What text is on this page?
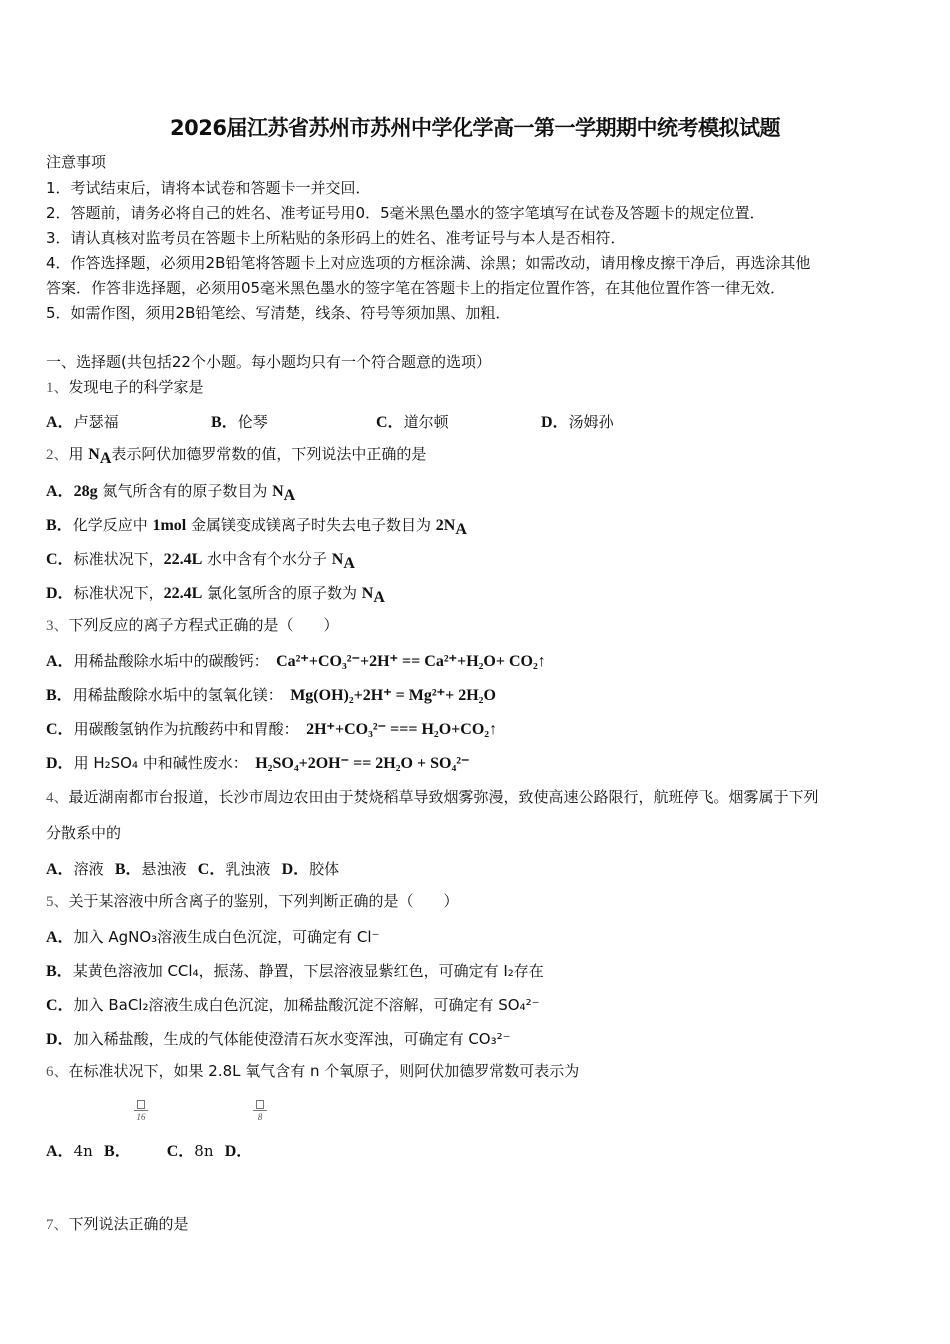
2026届江苏省苏州市苏州中学化学高一第一学期期中统考模拟试题
注意事项
1．考试结束后，请将本试卷和答题卡一并交回．
2．答题前，请务必将自己的姓名、准考证号用0．5毫米黑色墨水的签字笔填写在试卷及答题卡的规定位置．
3．请认真核对监考员在答题卡上所粘贴的条形码上的姓名、准考证号与本人是否相符．
4．作答选择题，必须用2B铅笔将答题卡上对应选项的方框涂满、涂黑；如需改动，请用橡皮擦干净后，再选涂其他
答案．作答非选择题，必须用05毫米黑色墨水的签字笔在答题卡上的指定位置作答，在其他位置作答一律无效．
5．如需作图，须用2B铅笔绘、写清楚，线条、符号等须加黑、加粗．
一、选择题(共包括22个小题。每小题均只有一个符合题意的选项）
1、发现电子的科学家是
A．卢瑟福	B．伦琴	C．道尔顿	D．汤姆孙
2、用 $N_A$表示阿伏加德罗常数的值，下列说法中正确的是
A．28g 氮气所含有的原子数目为 $N_A$
B．化学反应中 1mol 金属镁变成镁离子时失去电子数目为 $2N_A$
C．标准状况下，22.4L 水中含有个水分子 $N_A$
D．标准状况下，22.4L 氯化氢所含的原子数为 $N_A$
3、下列反应的离子方程式正确的是（　　）
A．用稀盐酸除水垢中的碳酸钙： Ca²⁺+CO₃²⁻+2H⁺ == Ca²⁺+H₂O+ CO₂↑
B．用稀盐酸除水垢中的氢氧化镁： Mg(OH)₂+2H⁺ = Mg²⁺+ 2H₂O
C．用碳酸氢钠作为抗酸药中和胃酸： 2H⁺+CO₃²⁻ === H₂O+CO₂↑
D．用 H₂SO₄ 中和碱性废水： H₂SO₄+2OH⁻ == 2H₂O + SO₄²⁻
4、最近湖南都市台报道，长沙市周边农田由于焚烧稻草导致烟雾弥漫，致使高速公路限行，航班停飞。烟雾属于下列
分散系中的
A．溶液 B．悬浊液 C．乳浊液 D．胶体
5、关于某溶液中所含离子的鉴别，下列判断正确的是（　　）
A．加入 AgNO₃溶液生成白色沉淀，可确定有 Cl⁻
B．某黄色溶液加 CCl₄，振荡、静置，下层溶液显紫红色，可确定有 I₂存在
C．加入 BaCl₂溶液生成白色沉淀，加稀盐酸沉淀不溶解，可确定有 SO₄²⁻
D．加入稀盐酸，生成的气体能使澄清石灰水变浑浊，可确定有 CO₃²⁻
6、在标准状况下，如果 2.8L 氧气含有 n 个氧原子，则阿伏加德罗常数可表示为
16	8
A．4n B． C．8n D．
7、下列说法正确的是
